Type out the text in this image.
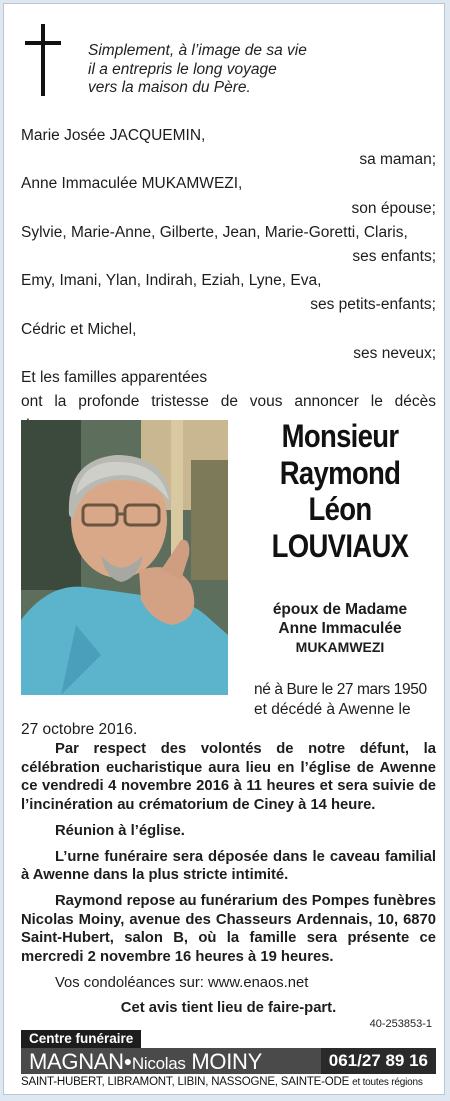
Simplement, à l’image de sa vie
il a entrepris le long voyage
vers la maison du Père.
Marie Josée JACQUEMIN,
sa maman;
Anne Immaculée MUKAMWEZI,
son épouse;
Sylvie, Marie-Anne, Gilberte, Jean, Marie-Goretti, Claris,
ses enfants;
Emy, Imani, Ylan, Indirah, Eziah, Lyne, Eva,
ses petits-enfants;
Cédric et Michel,
ses neveux;
Et les familles apparentées
ont la profonde tristesse de vous annoncer le décès
Monsieur
Raymond
Léon
LOUVIAUX
époux de Madame
Anne Immaculée
MUKAMWEZI
né à Bure le 27 mars 1950
et décédé à Awenne le
27 octobre 2016.

Par respect des volontés de notre défunt, la célébration eucharistique aura lieu en l’église de Awenne ce vendredi 4 novembre 2016 à 11 heures et sera suivie de l’incinération au crématorium de Ciney à 14 heure.

Réunion à l’église.

L’urne funéraire sera déposée dans le caveau familial à Awenne dans la plus stricte intimité.

Raymond repose au funérarium des Pompes funèbres Nicolas Moiny, avenue des Chasseurs Ardennais, 10, 6870 Saint-Hubert, salon B, où la famille sera présente ce mercredi 2 novembre 16 heures à 19 heures.

Vos condoléances sur: www.enaos.net

Cet avis tient lieu de faire-part.

40-253853-1
Centre funéraire
MAGNAN●Nicolas MOINY	061/27 89 16
SAINT-HUBERT, LIBRAMONT, LIBIN, NASSOGNE, SAINTE-ODE et toutes régions
